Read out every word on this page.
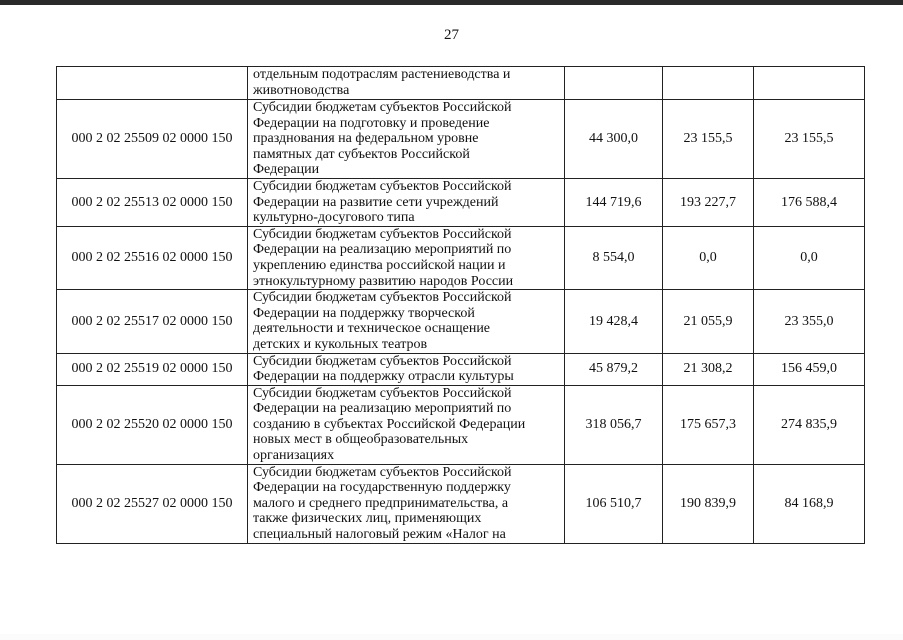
27

	отдельным подотраслям растениеводства и
животноводства			

000 2 02 25509 02 0000 150	Субсидии бюджетам субъектов Российской
Федерации на подготовку и проведение
празднования на федеральном уровне
памятных дат субъектов Российской
Федерации	44 300,0	23 155,5	23 155,5
000 2 02 25513 02 0000 150	Субсидии бюджетам субъектов Российской
Федерации на развитие сети учреждений
культурно-досугового типа	144 719,6	193 227,7	176 588,4
000 2 02 25516 02 0000 150	Субсидии бюджетам субъектов Российской
Федерации на реализацию мероприятий по
укреплению единства российской нации и
этнокультурному развитию народов России	8 554,0	0,0	0,0
000 2 02 25517 02 0000 150	Субсидии бюджетам субъектов Российской
Федерации на поддержку творческой
деятельности и техническое оснащение
детских и кукольных театров	19 428,4	21 055,9	23 355,0
000 2 02 25519 02 0000 150	Субсидии бюджетам субъектов Российской
Федерации на поддержку отрасли культуры	45 879,2	21 308,2	156 459,0
000 2 02 25520 02 0000 150	Субсидии бюджетам субъектов Российской
Федерации на реализацию мероприятий по
созданию в субъектах Российской Федерации
новых мест в общеобразовательных
организациях	318 056,7	175 657,3	274 835,9
000 2 02 25527 02 0000 150	Субсидии бюджетам субъектов Российской
Федерации на государственную поддержку
малого и среднего предпринимательства, а
также физических лиц, применяющих
специальный налоговый режим «Налог на	106 510,7	190 839,9	84 168,9
